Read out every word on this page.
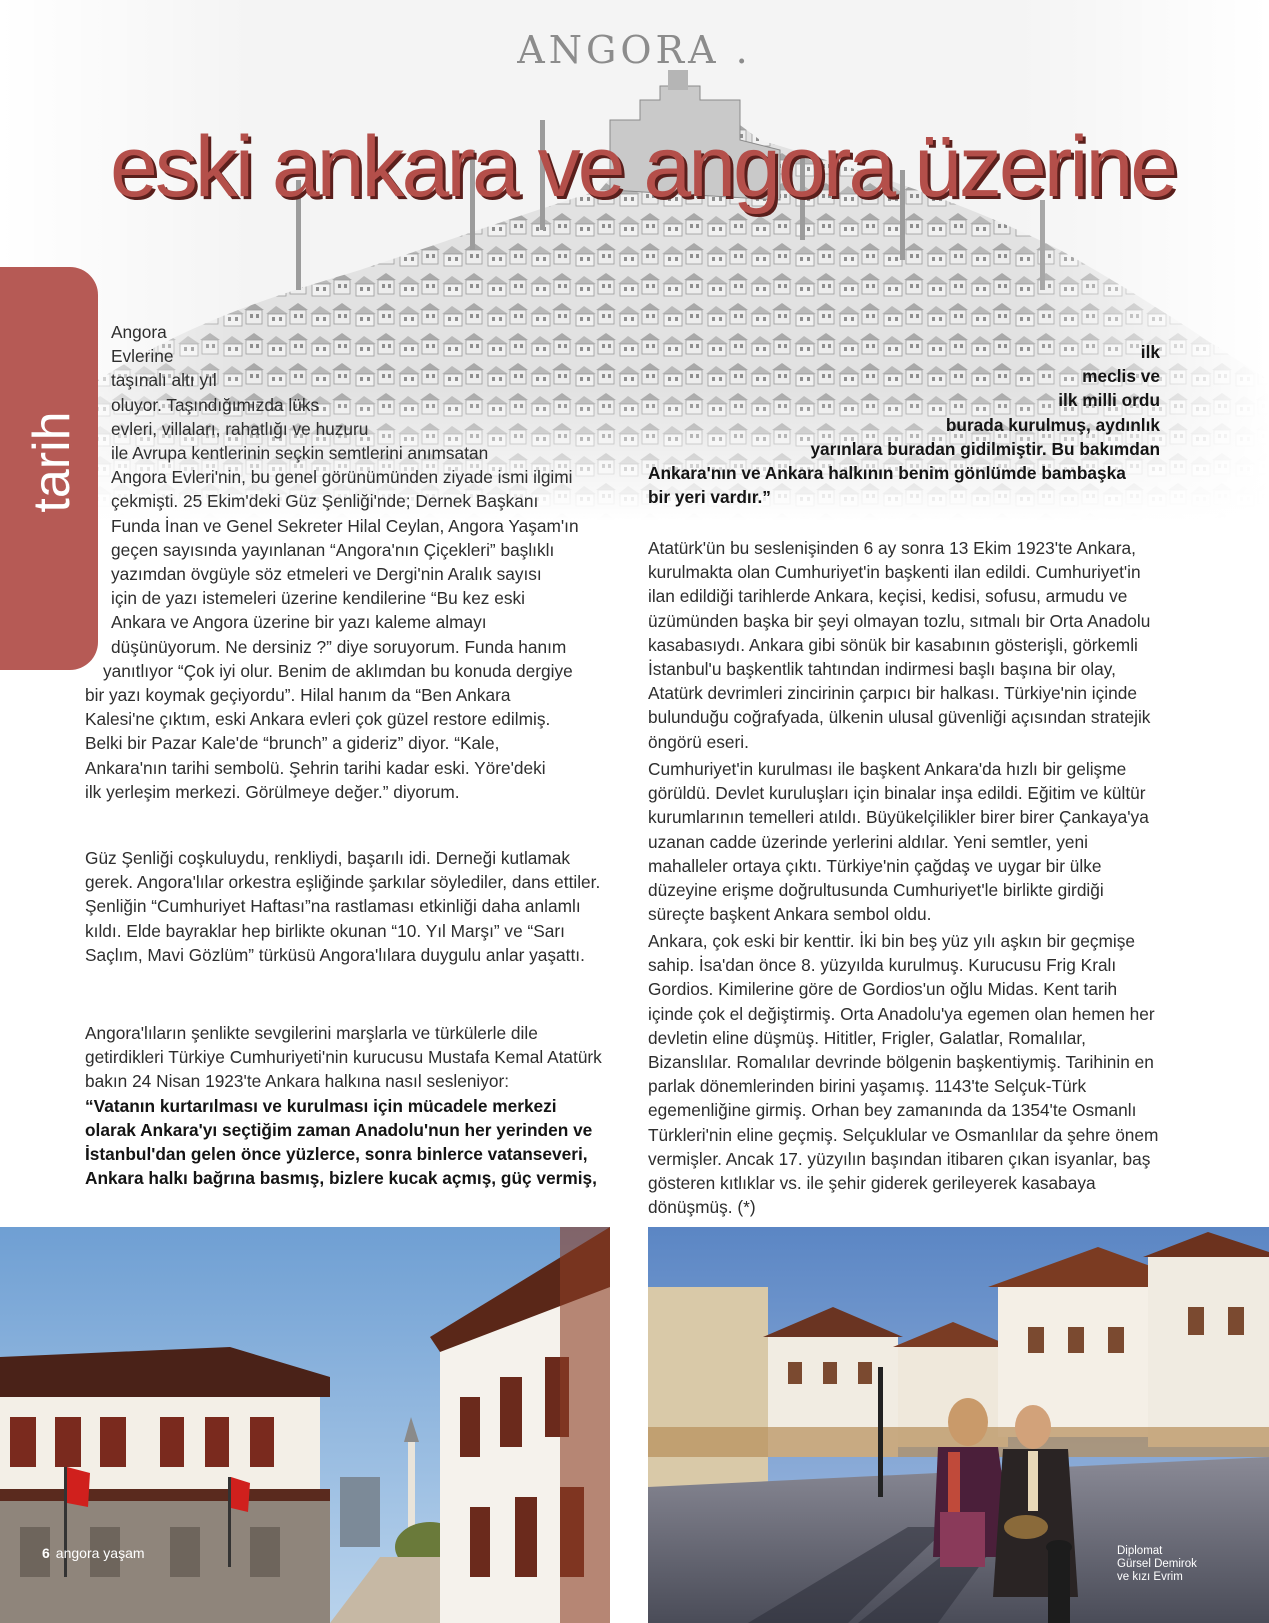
ANGORA .
eski ankara ve angora üzerine
tarih
Angora
Evlerine
taşınalı altı yıl
oluyor. Taşındığımızda lüks
evleri, villaları, rahatlığı ve huzuru
ile Avrupa kentlerinin seçkin semtlerini anımsatan
Angora Evleri'nin, bu genel görünümünden ziyade ismi ilgimi
çekmişti. 25 Ekim'deki Güz Şenliği'nde; Dernek Başkanı
Funda İnan ve Genel Sekreter Hilal Ceylan, Angora Yaşam'ın
geçen sayısında yayınlanan “Angora'nın Çiçekleri” başlıklı
yazımdan övgüyle söz etmeleri ve Dergi'nin Aralık sayısı
için de yazı istemeleri üzerine kendilerine “Bu kez eski
Ankara ve Angora üzerine bir yazı kaleme almayı
düşünüyorum. Ne dersiniz ?” diye soruyorum. Funda hanım
yanıtlıyor “Çok iyi olur. Benim de aklımdan bu konuda dergiye
bir yazı koymak geçiyordu”. Hilal hanım da “Ben Ankara
Kalesi'ne çıktım, eski Ankara evleri çok güzel restore edilmiş.
Belki bir Pazar Kale'de “brunch” a gideriz” diyor. “Kale,
Ankara'nın tarihi sembolü. Şehrin tarihi kadar eski. Yöre'deki
ilk yerleşim merkezi. Görülmeye değer.” diyorum.

Güz Şenliği coşkuluydu, renkliydi, başarılı idi. Derneği kutlamak gerek. Angora'lılar orkestra eşliğinde şarkılar söylediler, dans ettiler. Şenliğin “Cumhuriyet Haftası”na rastlaması etkinliği daha anlamlı kıldı. Elde bayraklar hep birlikte okunan “10. Yıl Marşı” ve “Sarı Saçlım, Mavi Gözlüm” türküsü Angora'lılara duygulu anlar yaşattı.

Angora'lıların şenlikte sevgilerini marşlarla ve türkülerle dile getirdikleri Türkiye Cumhuriyeti'nin kurucusu Mustafa Kemal Atatürk bakın 24 Nisan 1923'te Ankara halkına nasıl sesleniyor:

“Vatanın kurtarılması ve kurulması için mücadele merkezi olarak Ankara'yı seçtiğim zaman Anadolu'nun her yerinden ve İstanbul'dan gelen önce yüzlerce, sonra binlerce vatanseveri, Ankara halkı bağrına basmış, bizlere kucak açmış, güç vermiş,

ilk
meclis ve
ilk milli ordu
burada kurulmuş, aydınlık
yarınlara buradan gidilmiştir. Bu bakımdan
Ankara'nın ve Ankara halkının benim gönlümde bambaşka
bir yeri vardır.”

Atatürk'ün bu seslenişinden 6 ay sonra 13 Ekim 1923'te Ankara, kurulmakta olan Cumhuriyet'in başkenti ilan edildi. Cumhuriyet'in ilan edildiği tarihlerde Ankara, keçisi, kedisi, sofusu, armudu ve üzümünden başka bir şeyi olmayan tozlu, sıtmalı bir Orta Anadolu kasabasıydı. Ankara gibi sönük bir kasabının gösterişli, görkemli İstanbul'u başkentlik tahtından indirmesi başlı başına bir olay, Atatürk devrimleri zincirinin çarpıcı bir halkası. Türkiye'nin içinde bulunduğu coğrafyada, ülkenin ulusal güvenliği açısından stratejik öngörü eseri.

Cumhuriyet'in kurulması ile başkent Ankara'da hızlı bir gelişme görüldü. Devlet kuruluşları için binalar inşa edildi. Eğitim ve kültür kurumlarının temelleri atıldı. Büyükelçilikler birer birer Çankaya'ya uzanan cadde üzerinde yerlerini aldılar. Yeni semtler, yeni mahalleler ortaya çıktı. Türkiye'nin çağdaş ve uygar bir ülke düzeyine erişme doğrultusunda Cumhuriyet'le birlikte girdiği süreçte başkent Ankara sembol oldu.

Ankara, çok eski bir kenttir. İki bin beş yüz yılı aşkın bir geçmişe sahip. İsa'dan önce 8. yüzyılda kurulmuş. Kurucusu Frig Kralı Gordios. Kimilerine göre de Gordios'un oğlu Midas. Kent tarih içinde çok el değiştirmiş. Orta Anadolu'ya egemen olan hemen her devletin eline düşmüş. Hititler, Frigler, Galatlar, Romalılar, Bizanslılar. Romalılar devrinde bölgenin başkentiymiş. Tarihinin en parlak dönemlerinden birini yaşamış. 1143'te Selçuk-Türk egemenliğine girmiş. Orhan bey zamanında da 1354'te Osmanlı Türkleri'nin eline geçmiş. Selçuklular ve Osmanlılar da şehre önem vermişler. Ancak 17. yüzyılın başından itibaren çıkan isyanlar, baş gösteren kıtlıklar vs. ile şehir giderek gerileyerek kasabaya dönüşmüş. (*)

6 angora yaşam	Diplomat
Gürsel Demirok
ve kızı Evrim
